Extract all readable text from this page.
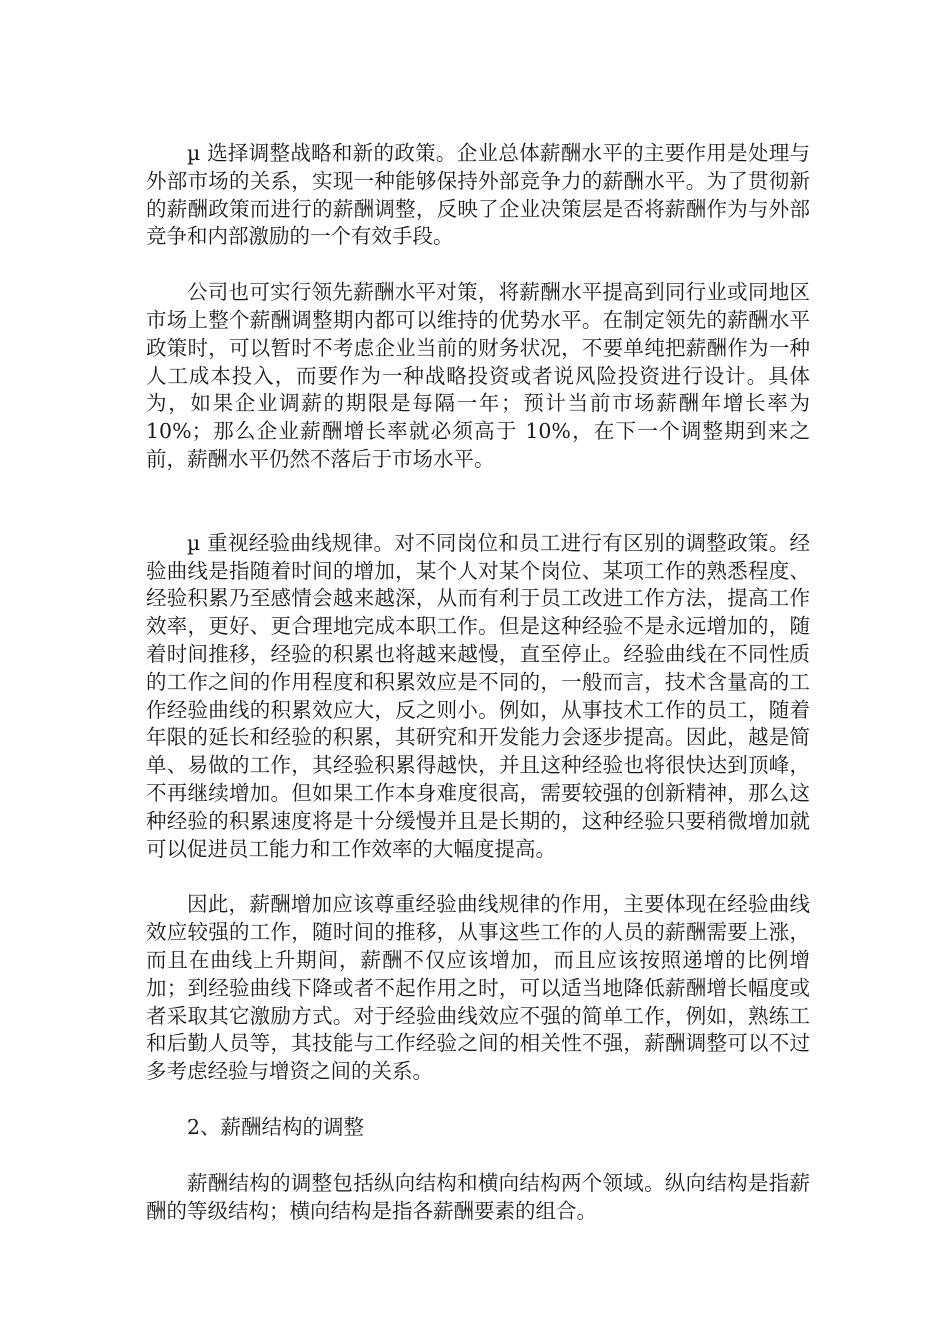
µ 选择调整战略和新的政策。企业总体薪酬水平的主要作用是处理与外部市场的关系，实现一种能够保持外部竞争力的薪酬水平。为了贯彻新的薪酬政策而进行的薪酬调整，反映了企业决策层是否将薪酬作为与外部竞争和内部激励的一个有效手段。

公司也可实行领先薪酬水平对策，将薪酬水平提高到同行业或同地区市场上整个薪酬调整期内都可以维持的优势水平。在制定领先的薪酬水平政策时，可以暂时不考虑企业当前的财务状况，不要单纯把薪酬作为一种人工成本投入，而要作为一种战略投资或者说风险投资进行设计。具体为，如果企业调薪的期限是每隔一年；预计当前市场薪酬年增长率为 10%；那么企业薪酬增长率就必须高于 10%，在下一个调整期到来之前，薪酬水平仍然不落后于市场水平。

µ 重视经验曲线规律。对不同岗位和员工进行有区别的调整政策。经验曲线是指随着时间的增加，某个人对某个岗位、某项工作的熟悉程度、经验积累乃至感情会越来越深，从而有利于员工改进工作方法，提高工作效率，更好、更合理地完成本职工作。但是这种经验不是永远增加的，随着时间推移，经验的积累也将越来越慢，直至停止。经验曲线在不同性质的工作之间的作用程度和积累效应是不同的，一般而言，技术含量高的工作经验曲线的积累效应大，反之则小。例如，从事技术工作的员工，随着年限的延长和经验的积累，其研究和开发能力会逐步提高。因此，越是简单、易做的工作，其经验积累得越快，并且这种经验也将很快达到顶峰，不再继续增加。但如果工作本身难度很高，需要较强的创新精神，那么这种经验的积累速度将是十分缓慢并且是长期的，这种经验只要稍微增加就可以促进员工能力和工作效率的大幅度提高。

因此，薪酬增加应该尊重经验曲线规律的作用，主要体现在经验曲线效应较强的工作，随时间的推移，从事这些工作的人员的薪酬需要上涨，而且在曲线上升期间，薪酬不仅应该增加，而且应该按照递增的比例增加；到经验曲线下降或者不起作用之时，可以适当地降低薪酬增长幅度或者采取其它激励方式。对于经验曲线效应不强的简单工作，例如，熟练工和后勤人员等，其技能与工作经验之间的相关性不强，薪酬调整可以不过多考虑经验与增资之间的关系。

2、薪酬结构的调整

薪酬结构的调整包括纵向结构和横向结构两个领域。纵向结构是指薪酬的等级结构；横向结构是指各薪酬要素的组合。
